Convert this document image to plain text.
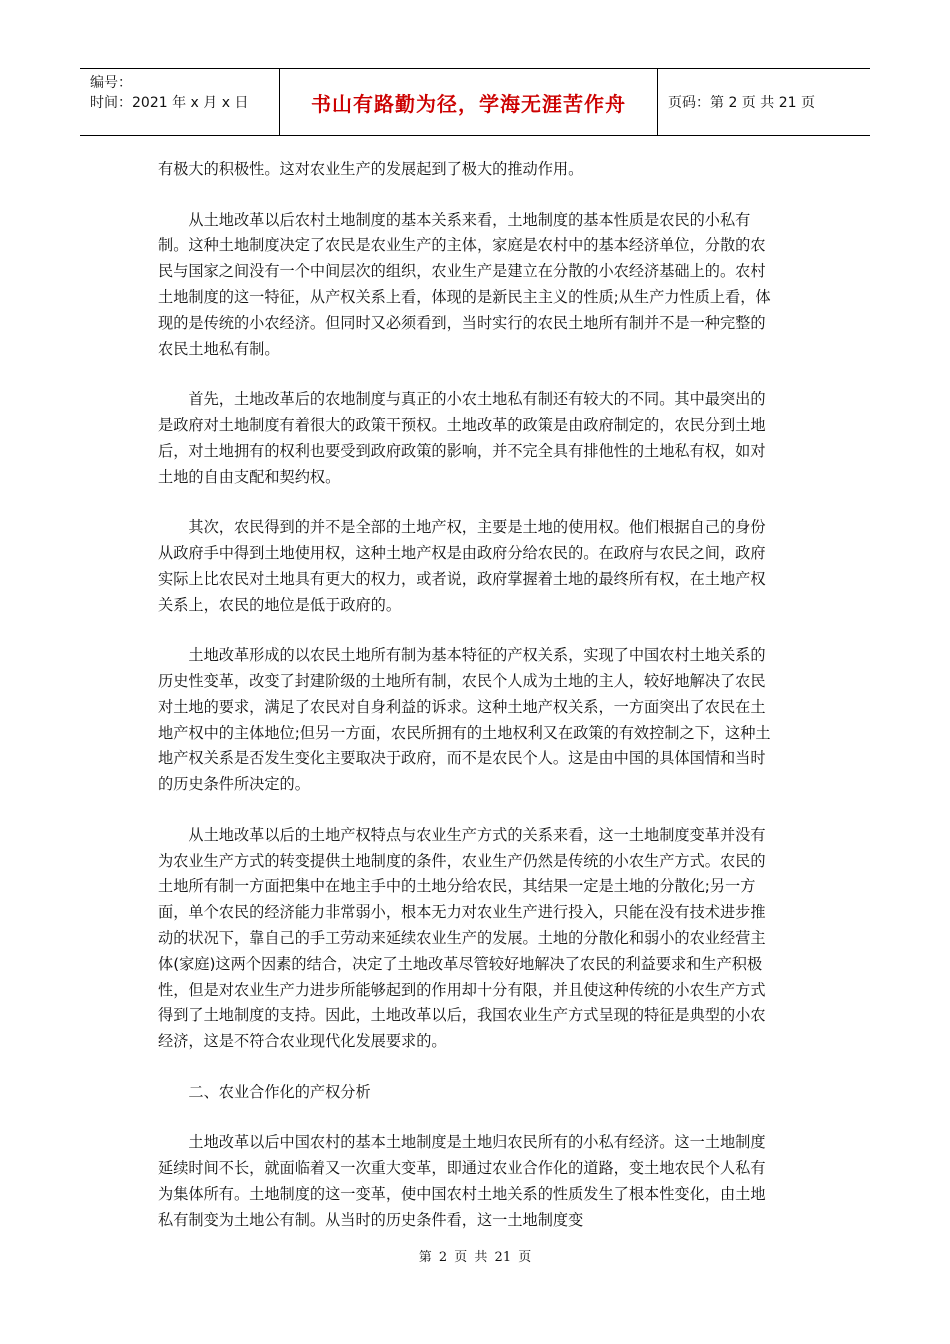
编号：
时间：2021 年 x 月 x 日	书山有路勤为径，学海无涯苦作舟	页码：第 2 页 共 21 页

有极大的积极性。这对农业生产的发展起到了极大的推动作用。

从土地改革以后农村土地制度的基本关系来看，土地制度的基本性质是农民的小私有制。这种土地制度决定了农民是农业生产的主体，家庭是农村中的基本经济单位，分散的农民与国家之间没有一个中间层次的组织，农业生产是建立在分散的小农经济基础上的。农村土地制度的这一特征，从产权关系上看，体现的是新民主主义的性质;从生产力性质上看，体现的是传统的小农经济。但同时又必须看到，当时实行的农民土地所有制并不是一种完整的农民土地私有制。

首先，土地改革后的农地制度与真正的小农土地私有制还有较大的不同。其中最突出的是政府对土地制度有着很大的政策干预权。土地改革的政策是由政府制定的，农民分到土地后，对土地拥有的权利也要受到政府政策的影响，并不完全具有排他性的土地私有权，如对土地的自由支配和契约权。

其次，农民得到的并不是全部的土地产权，主要是土地的使用权。他们根据自己的身份从政府手中得到土地使用权，这种土地产权是由政府分给农民的。在政府与农民之间，政府实际上比农民对土地具有更大的权力，或者说，政府掌握着土地的最终所有权，在土地产权关系上，农民的地位是低于政府的。

土地改革形成的以农民土地所有制为基本特征的产权关系，实现了中国农村土地关系的历史性变革，改变了封建阶级的土地所有制，农民个人成为土地的主人，较好地解决了农民对土地的要求，满足了农民对自身利益的诉求。这种土地产权关系，一方面突出了农民在土地产权中的主体地位;但另一方面，农民所拥有的土地权利又在政策的有效控制之下，这种土地产权关系是否发生变化主要取决于政府，而不是农民个人。这是由中国的具体国情和当时的历史条件所决定的。

从土地改革以后的土地产权特点与农业生产方式的关系来看，这一土地制度变革并没有为农业生产方式的转变提供土地制度的条件，农业生产仍然是传统的小农生产方式。农民的土地所有制一方面把集中在地主手中的土地分给农民，其结果一定是土地的分散化;另一方面，单个农民的经济能力非常弱小，根本无力对农业生产进行投入，只能在没有技术进步推动的状况下，靠自己的手工劳动来延续农业生产的发展。土地的分散化和弱小的农业经营主体(家庭)这两个因素的结合，决定了土地改革尽管较好地解决了农民的利益要求和生产积极性，但是对农业生产力进步所能够起到的作用却十分有限，并且使这种传统的小农生产方式得到了土地制度的支持。因此，土地改革以后，我国农业生产方式呈现的特征是典型的小农经济，这是不符合农业现代化发展要求的。

二、农业合作化的产权分析

土地改革以后中国农村的基本土地制度是土地归农民所有的小私有经济。这一土地制度延续时间不长，就面临着又一次重大变革，即通过农业合作化的道路，变土地农民个人私有为集体所有。土地制度的这一变革，使中国农村土地关系的性质发生了根本性变化，由土地私有制变为土地公有制。从当时的历史条件看，这一土地制度变

第 2 页 共 21 页
